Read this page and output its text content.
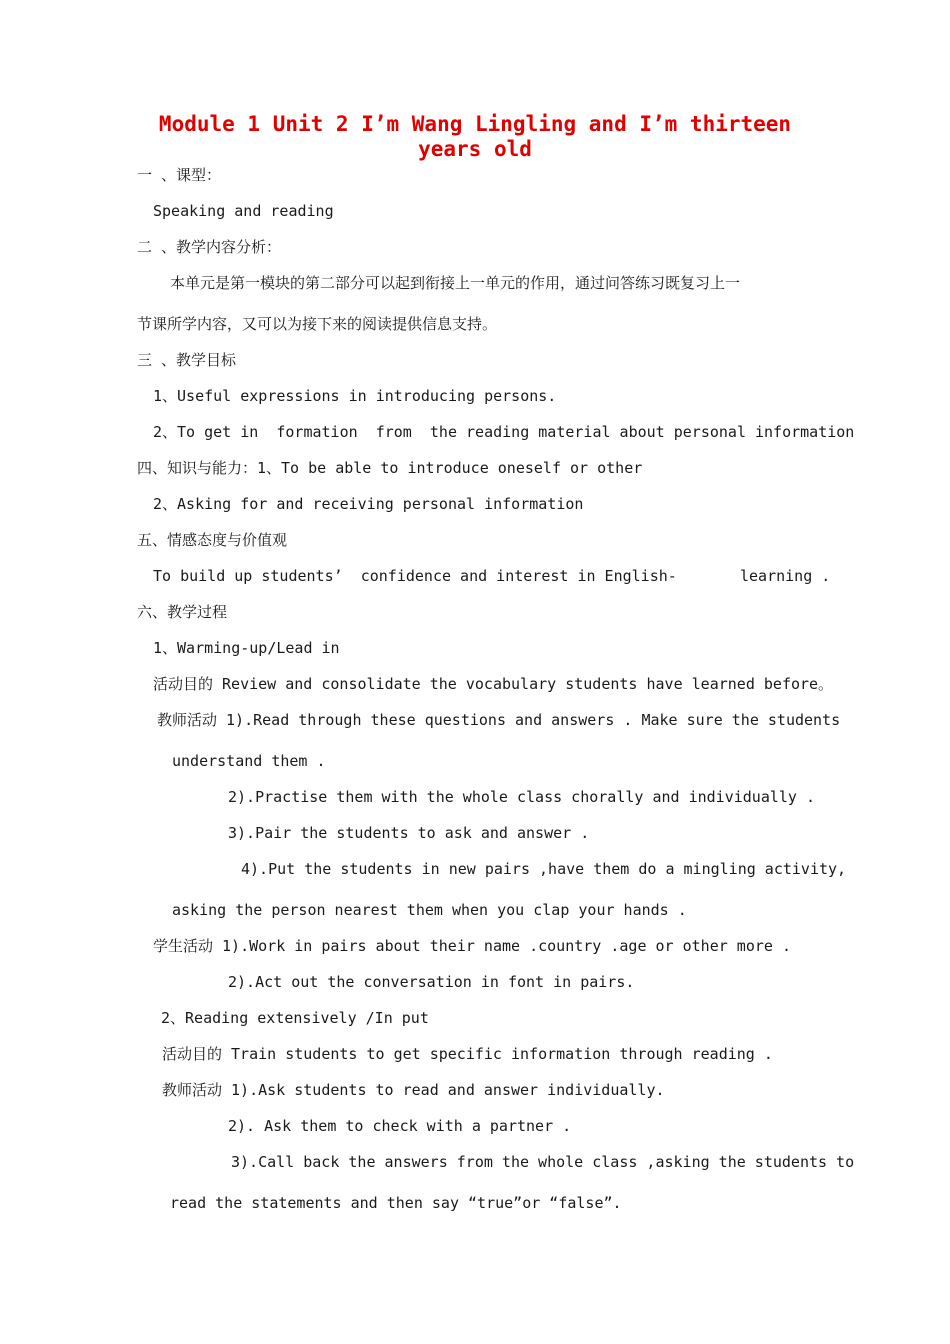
Module 1 Unit 2 I’m Wang Lingling and I’m thirteen years old
一 、课型：
Speaking and reading
二 、教学内容分析：
本单元是第一模块的第二部分可以起到衔接上一单元的作用，通过问答练习既复习上一
节课所学内容，又可以为接下来的阅读提供信息支持。
三 、教学目标
1、Useful expressions in introducing persons.
2、To get in  formation  from  the reading material about personal information
四、知识与能力：1、To be able to introduce oneself or other
2、Asking for and receiving personal information
五、情感态度与价值观
To build up students’  confidence and interest in English-       learning .
六、教学过程
1、Warming-up/Lead in
活动目的 Review and consolidate the vocabulary students have learned before。
教师活动 1).Read through these questions and answers . Make sure the students
understand them .
2).Practise them with the whole class chorally and individually .
3).Pair the students to ask and answer .
4).Put the students in new pairs ,have them do a mingling activity,
asking the person nearest them when you clap your hands .
学生活动 1).Work in pairs about their name .country .age or other more .
2).Act out the conversation in font in pairs.
2、Reading extensively /In put
活动目的 Train students to get specific information through reading .
教师活动 1).Ask students to read and answer individually.
2). Ask them to check with a partner .
3).Call back the answers from the whole class ,asking the students to
read the statements and then say “true”or “false”.
